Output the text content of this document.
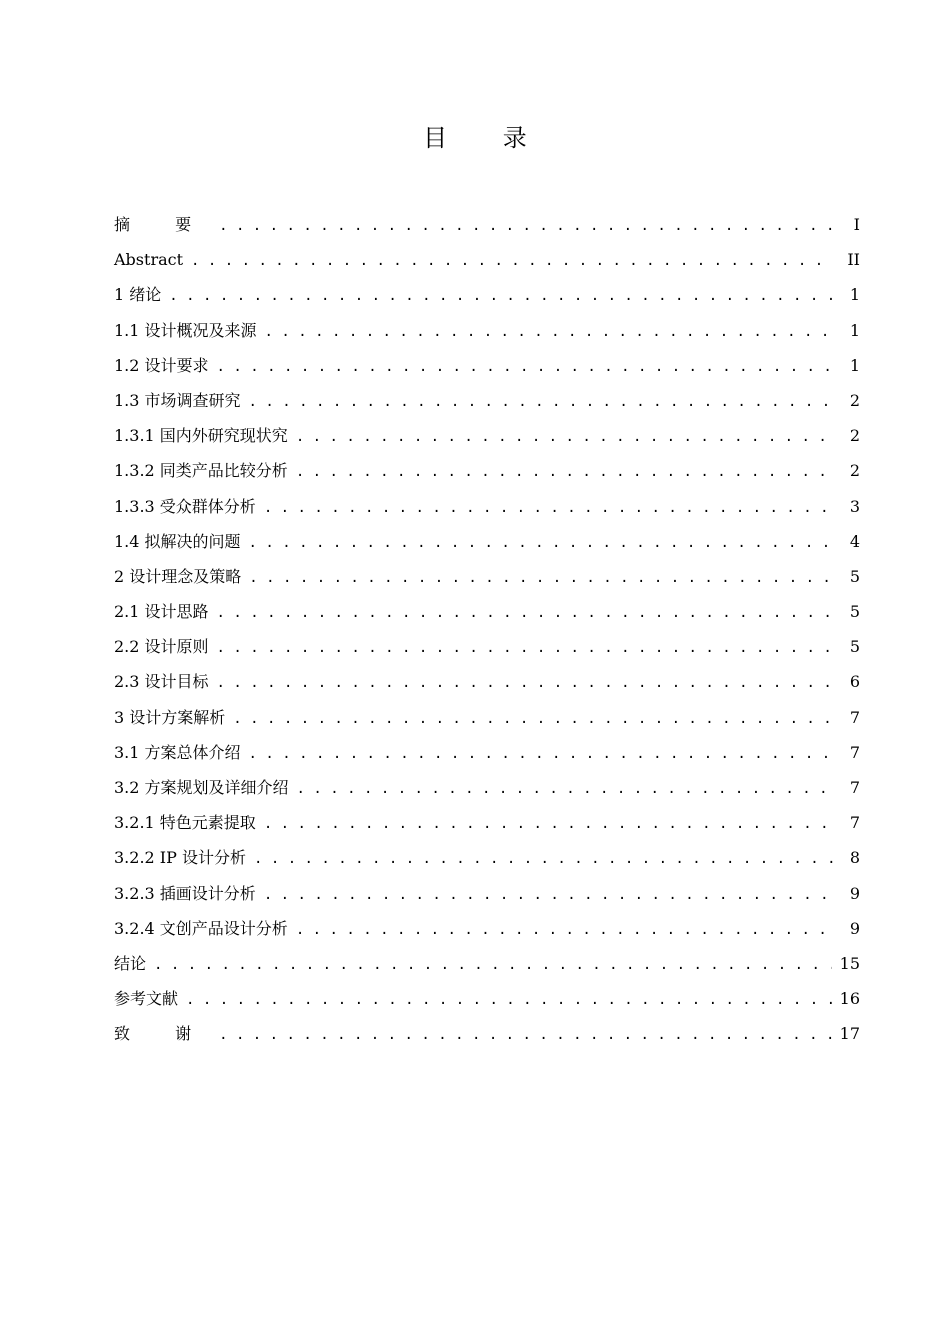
目 录
摘 要 . . .	I
Abstract . . .	II
1 绪论 . . .	1
1.1 设计概况及来源 . . .	1
1.2 设计要求 . . .	1
1.3 市场调查研究 . . .	2
1.3.1 国内外研究现状究 . . .	2
1.3.2 同类产品比较分析 . . .	2
1.3.3 受众群体分析 . . .	3
1.4 拟解决的问题 . . .	4
2 设计理念及策略 . . .	5
2.1 设计思路 . . .	5
2.2 设计原则 . . .	5
2.3 设计目标 . . .	6
3 设计方案解析 . . .	7
3.1 方案总体介绍 . . .	7
3.2 方案规划及详细介绍 . . .	7
3.2.1 特色元素提取 . . .	7
3.2.2 IP 设计分析 . . .	8
3.2.3 插画设计分析 . . .	9
3.2.4 文创产品设计分析 . . .	9
结论 . . .	15
参考文献 . . .	16
致 谢 . . .	17
